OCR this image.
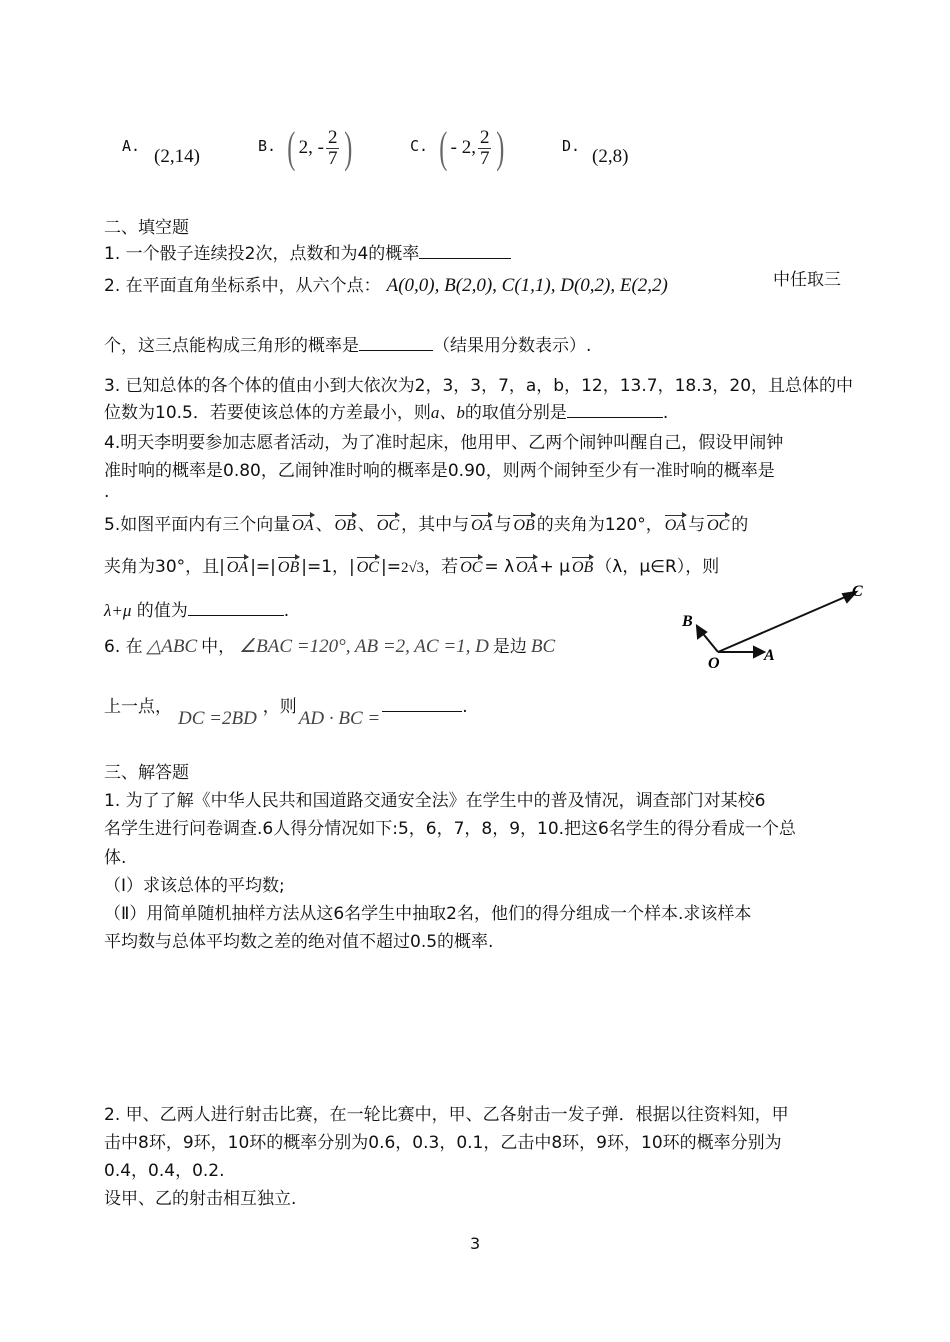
A. (2,14)	B. ( 2, - $\frac{2}{7}$ )	C. ( - 2, $\frac{2}{7}$ )	D. (2,8)
二、填空题
1. 一个骰子连续投2次，点数和为4的概率
2. 在平面直角坐标系中，从六个点： A(0,0), B(2,0), C(1,1), D(0,2), E(2,2)	中任取三
个，这三点能构成三角形的概率是	（结果用分数表示）.
3. 已知总体的各个体的值由小到大依次为2，3，3，7，a，b，12，13.7，18.3，20，且总体的中
位数为10.5．若要使该总体的方差最小，则a、b的取值分别是	.
4.明天李明要参加志愿者活动，为了准时起床，他用甲、乙两个闹钟叫醒自己，假设甲闹钟
准时响的概率是0.80，乙闹钟准时响的概率是0.90，则两个闹钟至少有一准时响的概率是
.
5.如图平面内有三个向量 OA 、 OB 、 OC ，其中与 OA 与 OB 的夹角为120°， OA 与 OC 的
夹角为30°，且| OA |=| OB |=1，| OC |=2√3，若 OC = λ OA + μ OB （λ，μ∈R），则
λ+μ 的值为	.
6. 在 △ABC 中， ∠BAC =120°, AB =2, AC =1, D 是边 BC
上一点，
DC =2BD
，则
AD · BC =
.
C
B
O	A
三、解答题
1. 为了了解《中华人民共和国道路交通安全法》在学生中的普及情况，调查部门对某校6
名学生进行问卷调查.6人得分情况如下:5，6，7，8，9，10.把这6名学生的得分看成一个总
体.
（Ⅰ）求该总体的平均数;
（Ⅱ）用简单随机抽样方法从这6名学生中抽取2名，他们的得分组成一个样本.求该样本
平均数与总体平均数之差的绝对值不超过0.5的概率.
2. 甲、乙两人进行射击比赛，在一轮比赛中，甲、乙各射击一发子弹．根据以往资料知，甲
击中8环，9环，10环的概率分别为0.6，0.3，0.1，乙击中8环，9环，10环的概率分别为
0.4，0.4，0.2.
设甲、乙的射击相互独立.
3
